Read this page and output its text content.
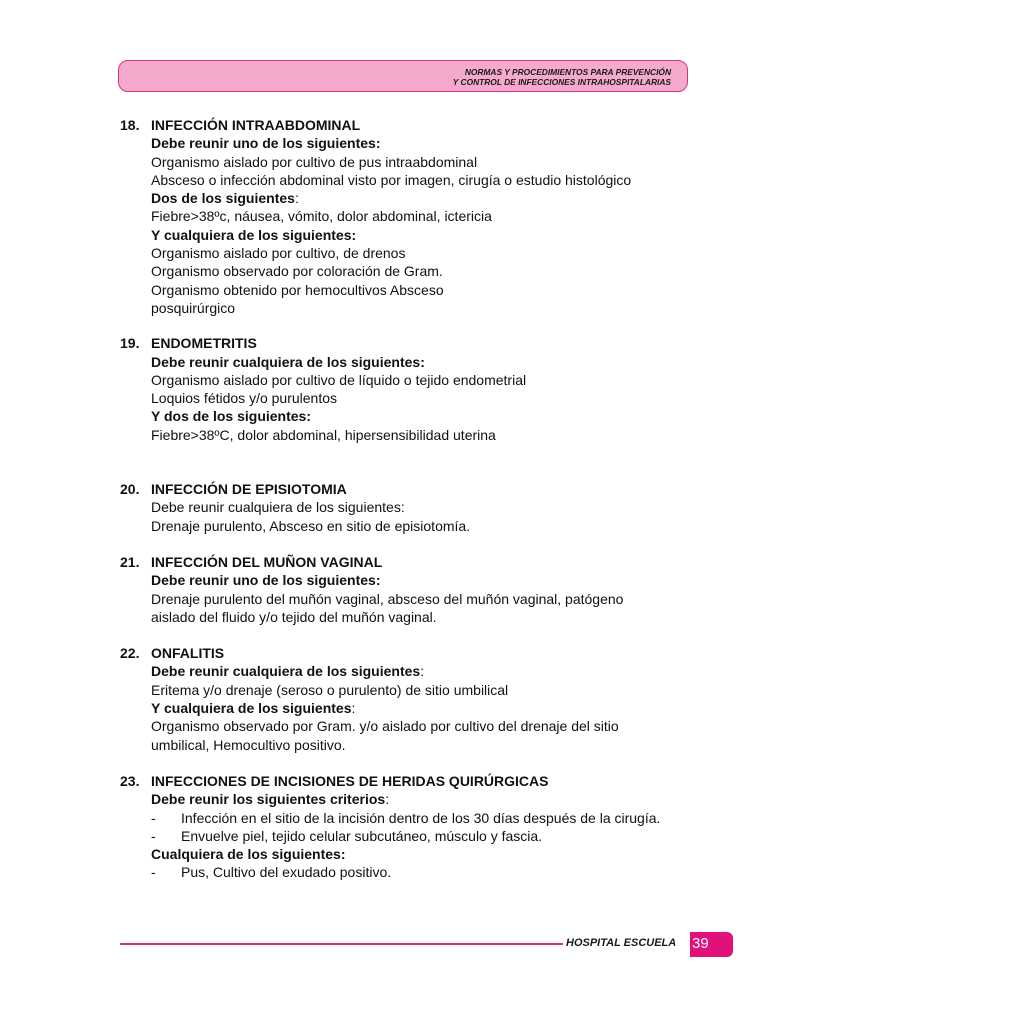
NORMAS Y PROCEDIMIENTOS PARA PREVENCIÓN
Y CONTROL DE INFECCIONES INTRAHOSPITALARIAS
18. INFECCIÓN INTRAABDOMINAL
Debe reunir uno de los siguientes:
Organismo aislado por cultivo de pus intraabdominal
Absceso o infección abdominal visto por imagen, cirugía o estudio histológico
Dos de los siguientes:
Fiebre>38ºc, náusea, vómito, dolor abdominal, ictericia
Y cualquiera de los siguientes:
Organismo aislado por cultivo, de drenos
Organismo observado por coloración de Gram.
Organismo obtenido por hemocultivos Absceso
posquirúrgico
19. ENDOMETRITIS
Debe reunir cualquiera de los siguientes:
Organismo aislado por cultivo de líquido o tejido endometrial
Loquios fétidos y/o purulentos
Y dos de los siguientes:
Fiebre>38ºC, dolor abdominal, hipersensibilidad uterina
20. INFECCIÓN DE EPISIOTOMIA
Debe reunir cualquiera de los siguientes:
Drenaje purulento, Absceso en sitio de episiotomía.
21. INFECCIÓN DEL MUÑON VAGINAL
Debe reunir uno de los siguientes:
Drenaje purulento del muñón vaginal, absceso del muñón vaginal, patógeno
aislado del fluido y/o tejido del muñón vaginal.
22. ONFALITIS
Debe reunir cualquiera de los siguientes:
Eritema y/o drenaje (seroso o purulento) de sitio umbilical
Y cualquiera de los siguientes:
Organismo observado por Gram. y/o aislado por cultivo del drenaje del sitio
umbilical, Hemocultivo positivo.
23. INFECCIONES DE INCISIONES DE HERIDAS QUIRÚRGICAS
Debe reunir los siguientes criterios:
- Infección en el sitio de la incisión dentro de los 30 días después de la cirugía.
- Envuelve piel, tejido celular subcutáneo, músculo y fascia.
Cualquiera de los siguientes:
- Pus, Cultivo del exudado positivo.
HOSPITAL ESCUELA 39
